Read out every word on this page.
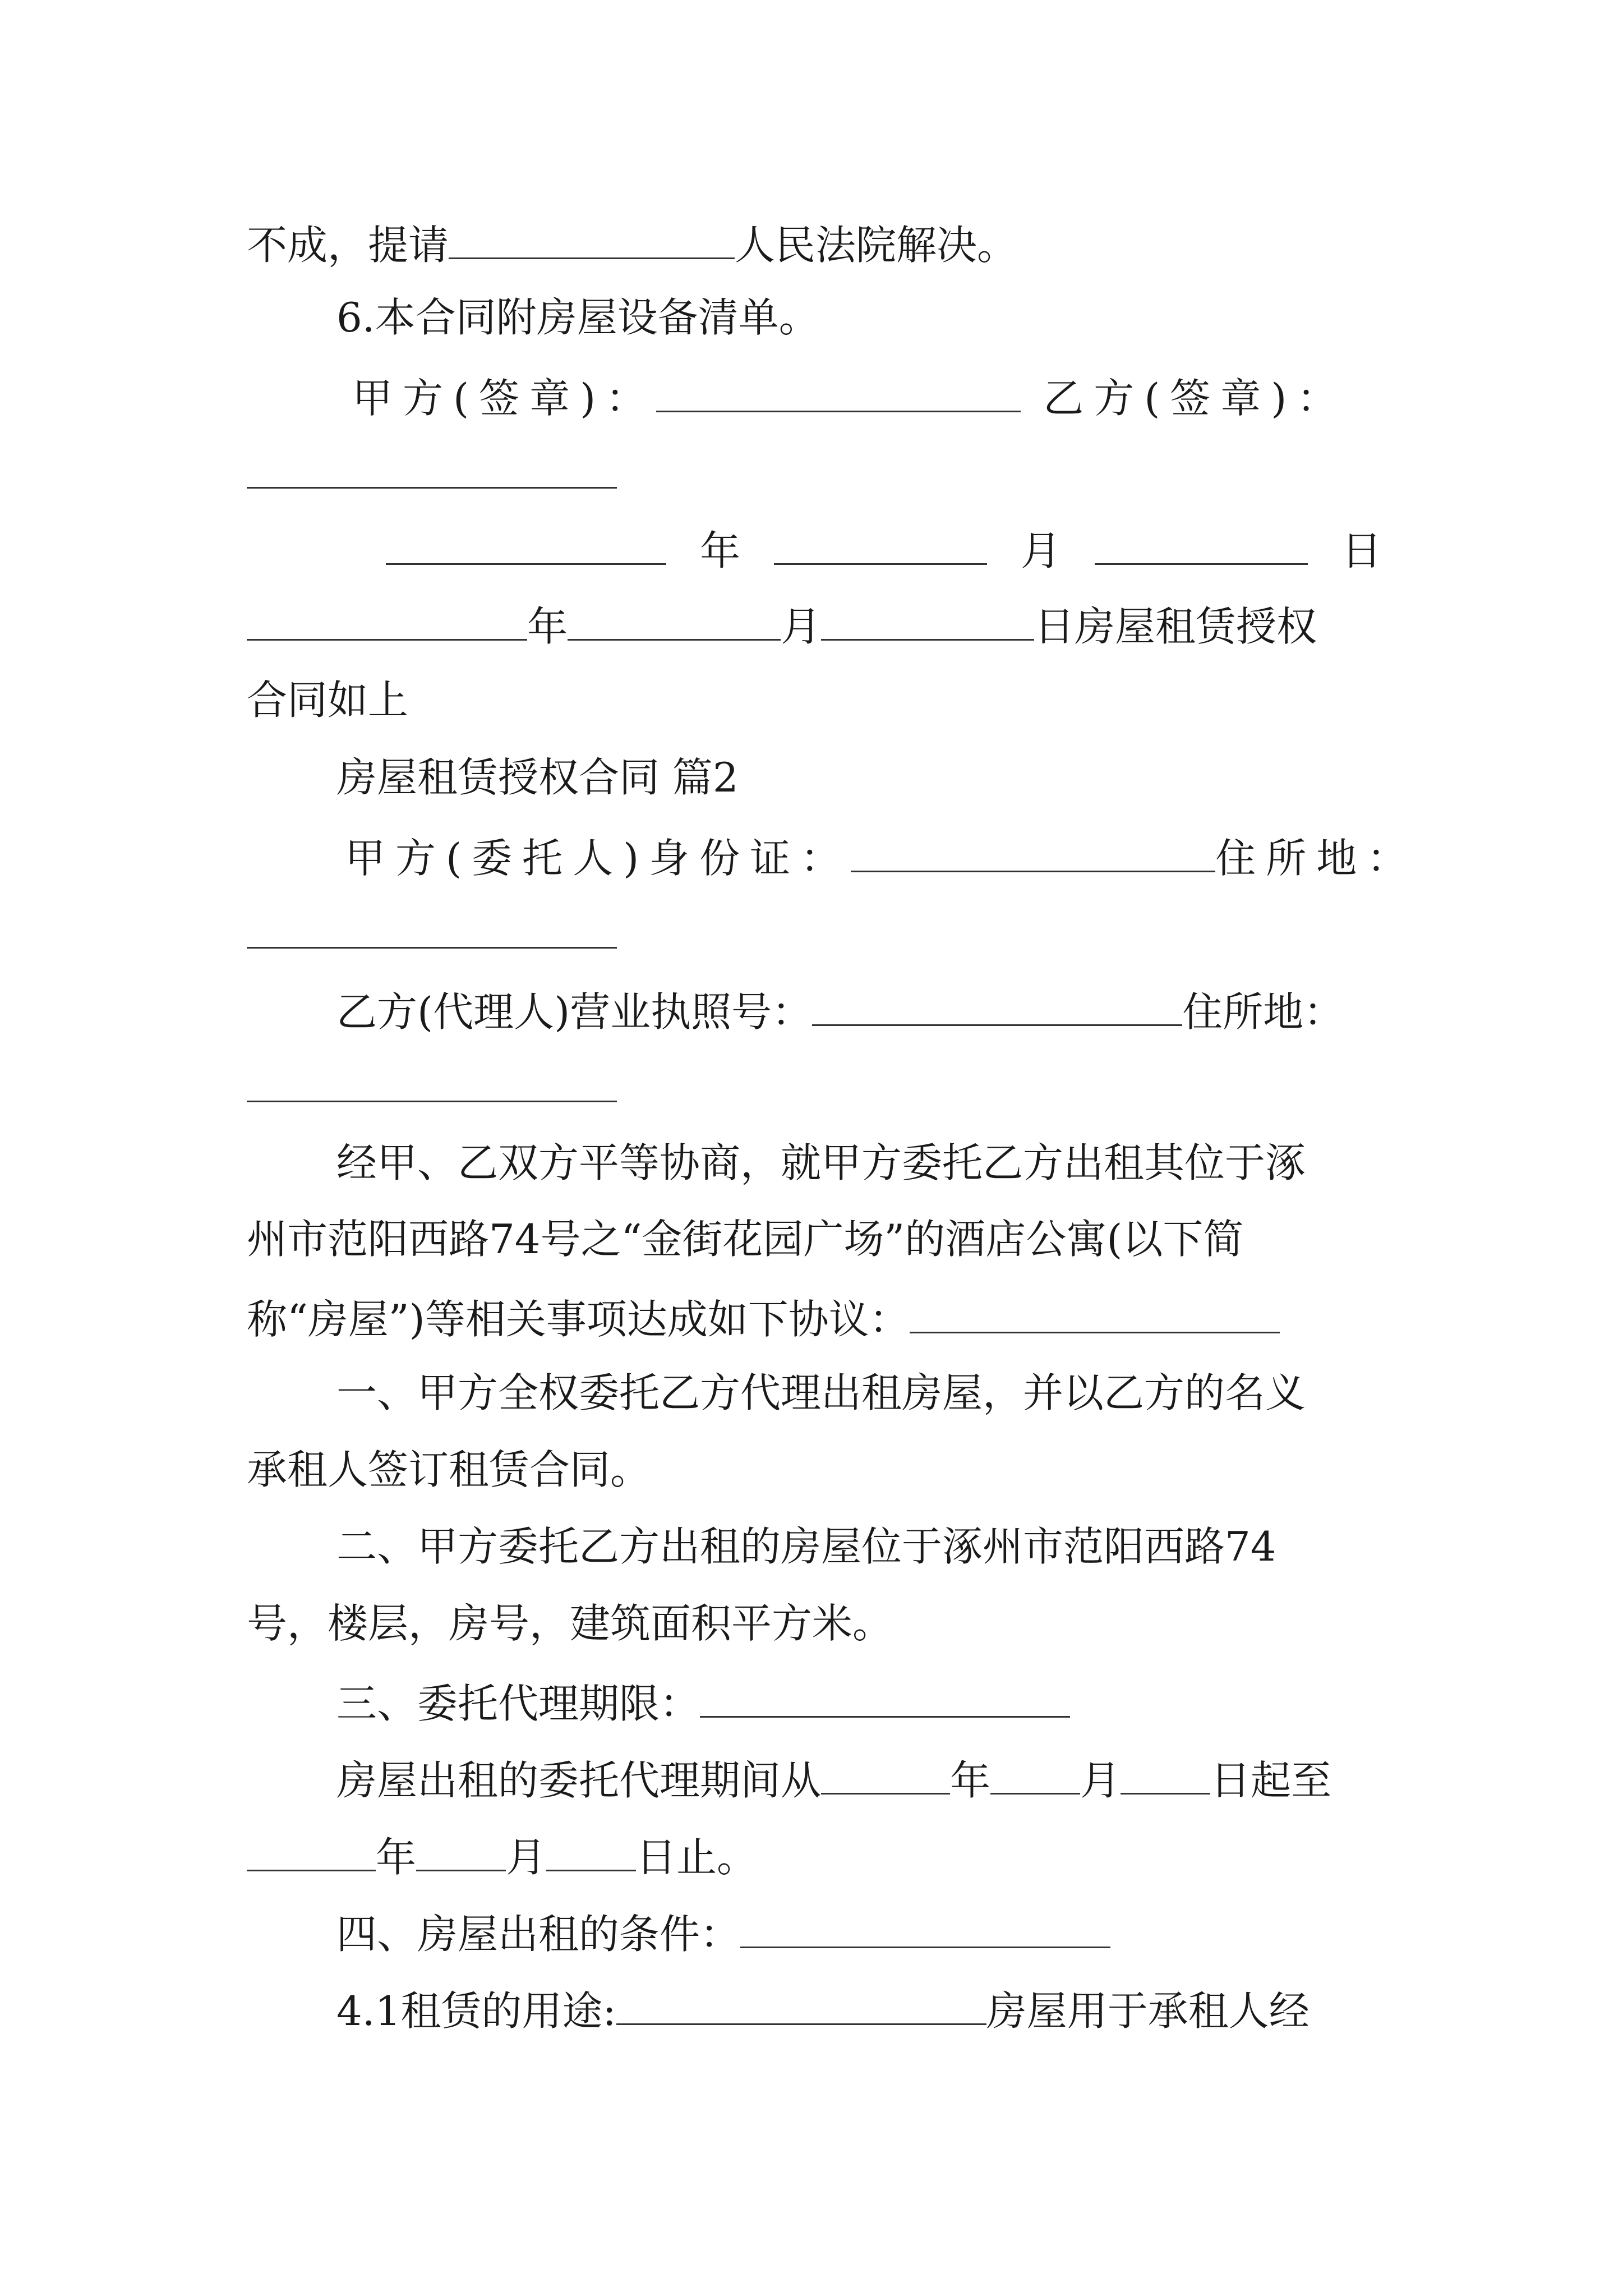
不成，提请	人民法院解决。
6.本合同附房屋设备清单。
甲方(签章)：	乙方(签章)：
年	月	日
年	月	日房屋租赁授权
合同如上
房屋租赁授权合同 篇2
甲方(委托人)身份证：	住所地：
乙方(代理人)营业执照号：	住所地：
经甲、乙双方平等协商，就甲方委托乙方出租其位于涿
州市范阳西路74号之“金街花园广场”的酒店公寓(以下简
称“房屋”)等相关事项达成如下协议：
一、甲方全权委托乙方代理出租房屋，并以乙方的名义
承租人签订租赁合同。
二、甲方委托乙方出租的房屋位于涿州市范阳西路74
号，楼层，房号，建筑面积平方米。
三、委托代理期限：
房屋出租的委托代理期间从	年 月 日起至
年 月 日止。
四、房屋出租的条件：
4.1租赁的用途:	房屋用于承租人经
